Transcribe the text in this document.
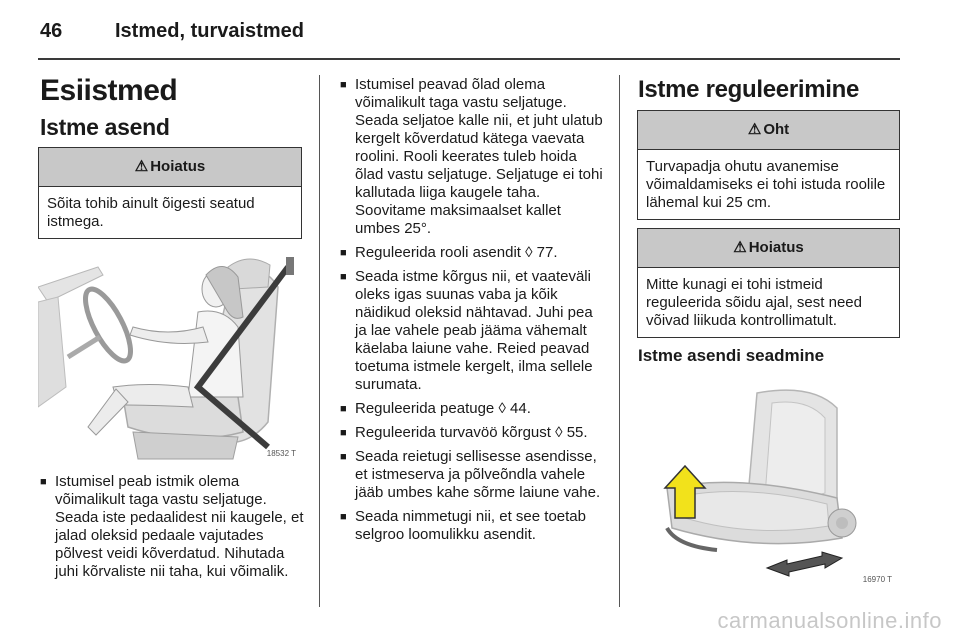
46	Istmed, turvaistmed
Esiistmed
Istme asend
⚠ Hoiatus
Sõita tohib ainult õigesti seatud istmega.
18532 T
■ Istumisel peab istmik olema võimalikult taga vastu seljatuge. Seada iste pedaalidest nii kaugele, et jalad oleksid pedaale vajutades põlvest veidi kõverdatud. Nihutada juhi kõrvaliste nii taha, kui võimalik.
■ Istumisel peavad õlad olema võimalikult taga vastu seljatuge. Seada seljatoe kalle nii, et juht ulatub kergelt kõverdatud kätega vaevata roolini. Rooli keerates tuleb hoida õlad vastu seljatuge. Seljatuge ei tohi kallutada liiga kaugele taha. Soovitame maksimaalset kallet umbes 25°.
■ Reguleerida rooli asendit ◊ 77.
■ Seada istme kõrgus nii, et vaateväli oleks igas suunas vaba ja kõik näidikud oleksid nähtavad. Juhi pea ja lae vahele peab jääma vähemalt käelaba laiune vahe. Reied peavad toetuma istmele kergelt, ilma sellele surumata.
■ Reguleerida peatuge ◊ 44.
■ Reguleerida turvavöö kõrgust ◊ 55.
■ Seada reietugi sellisesse asendisse, et istmeserva ja põlveõndla vahele jääb umbes kahe sõrme laiune vahe.
■ Seada nimmetugi nii, et see toetab selgroo loomulikku asendit.
Istme reguleerimine
⚠ Oht
Turvapadja ohutu avanemise võimaldamiseks ei tohi istuda roolile lähemal kui 25 cm.
⚠ Hoiatus
Mitte kunagi ei tohi istmeid reguleerida sõidu ajal, sest need võivad liikuda kontrollimatult.
Istme asendi seadmine
16970 T
carmanualsonline.info
